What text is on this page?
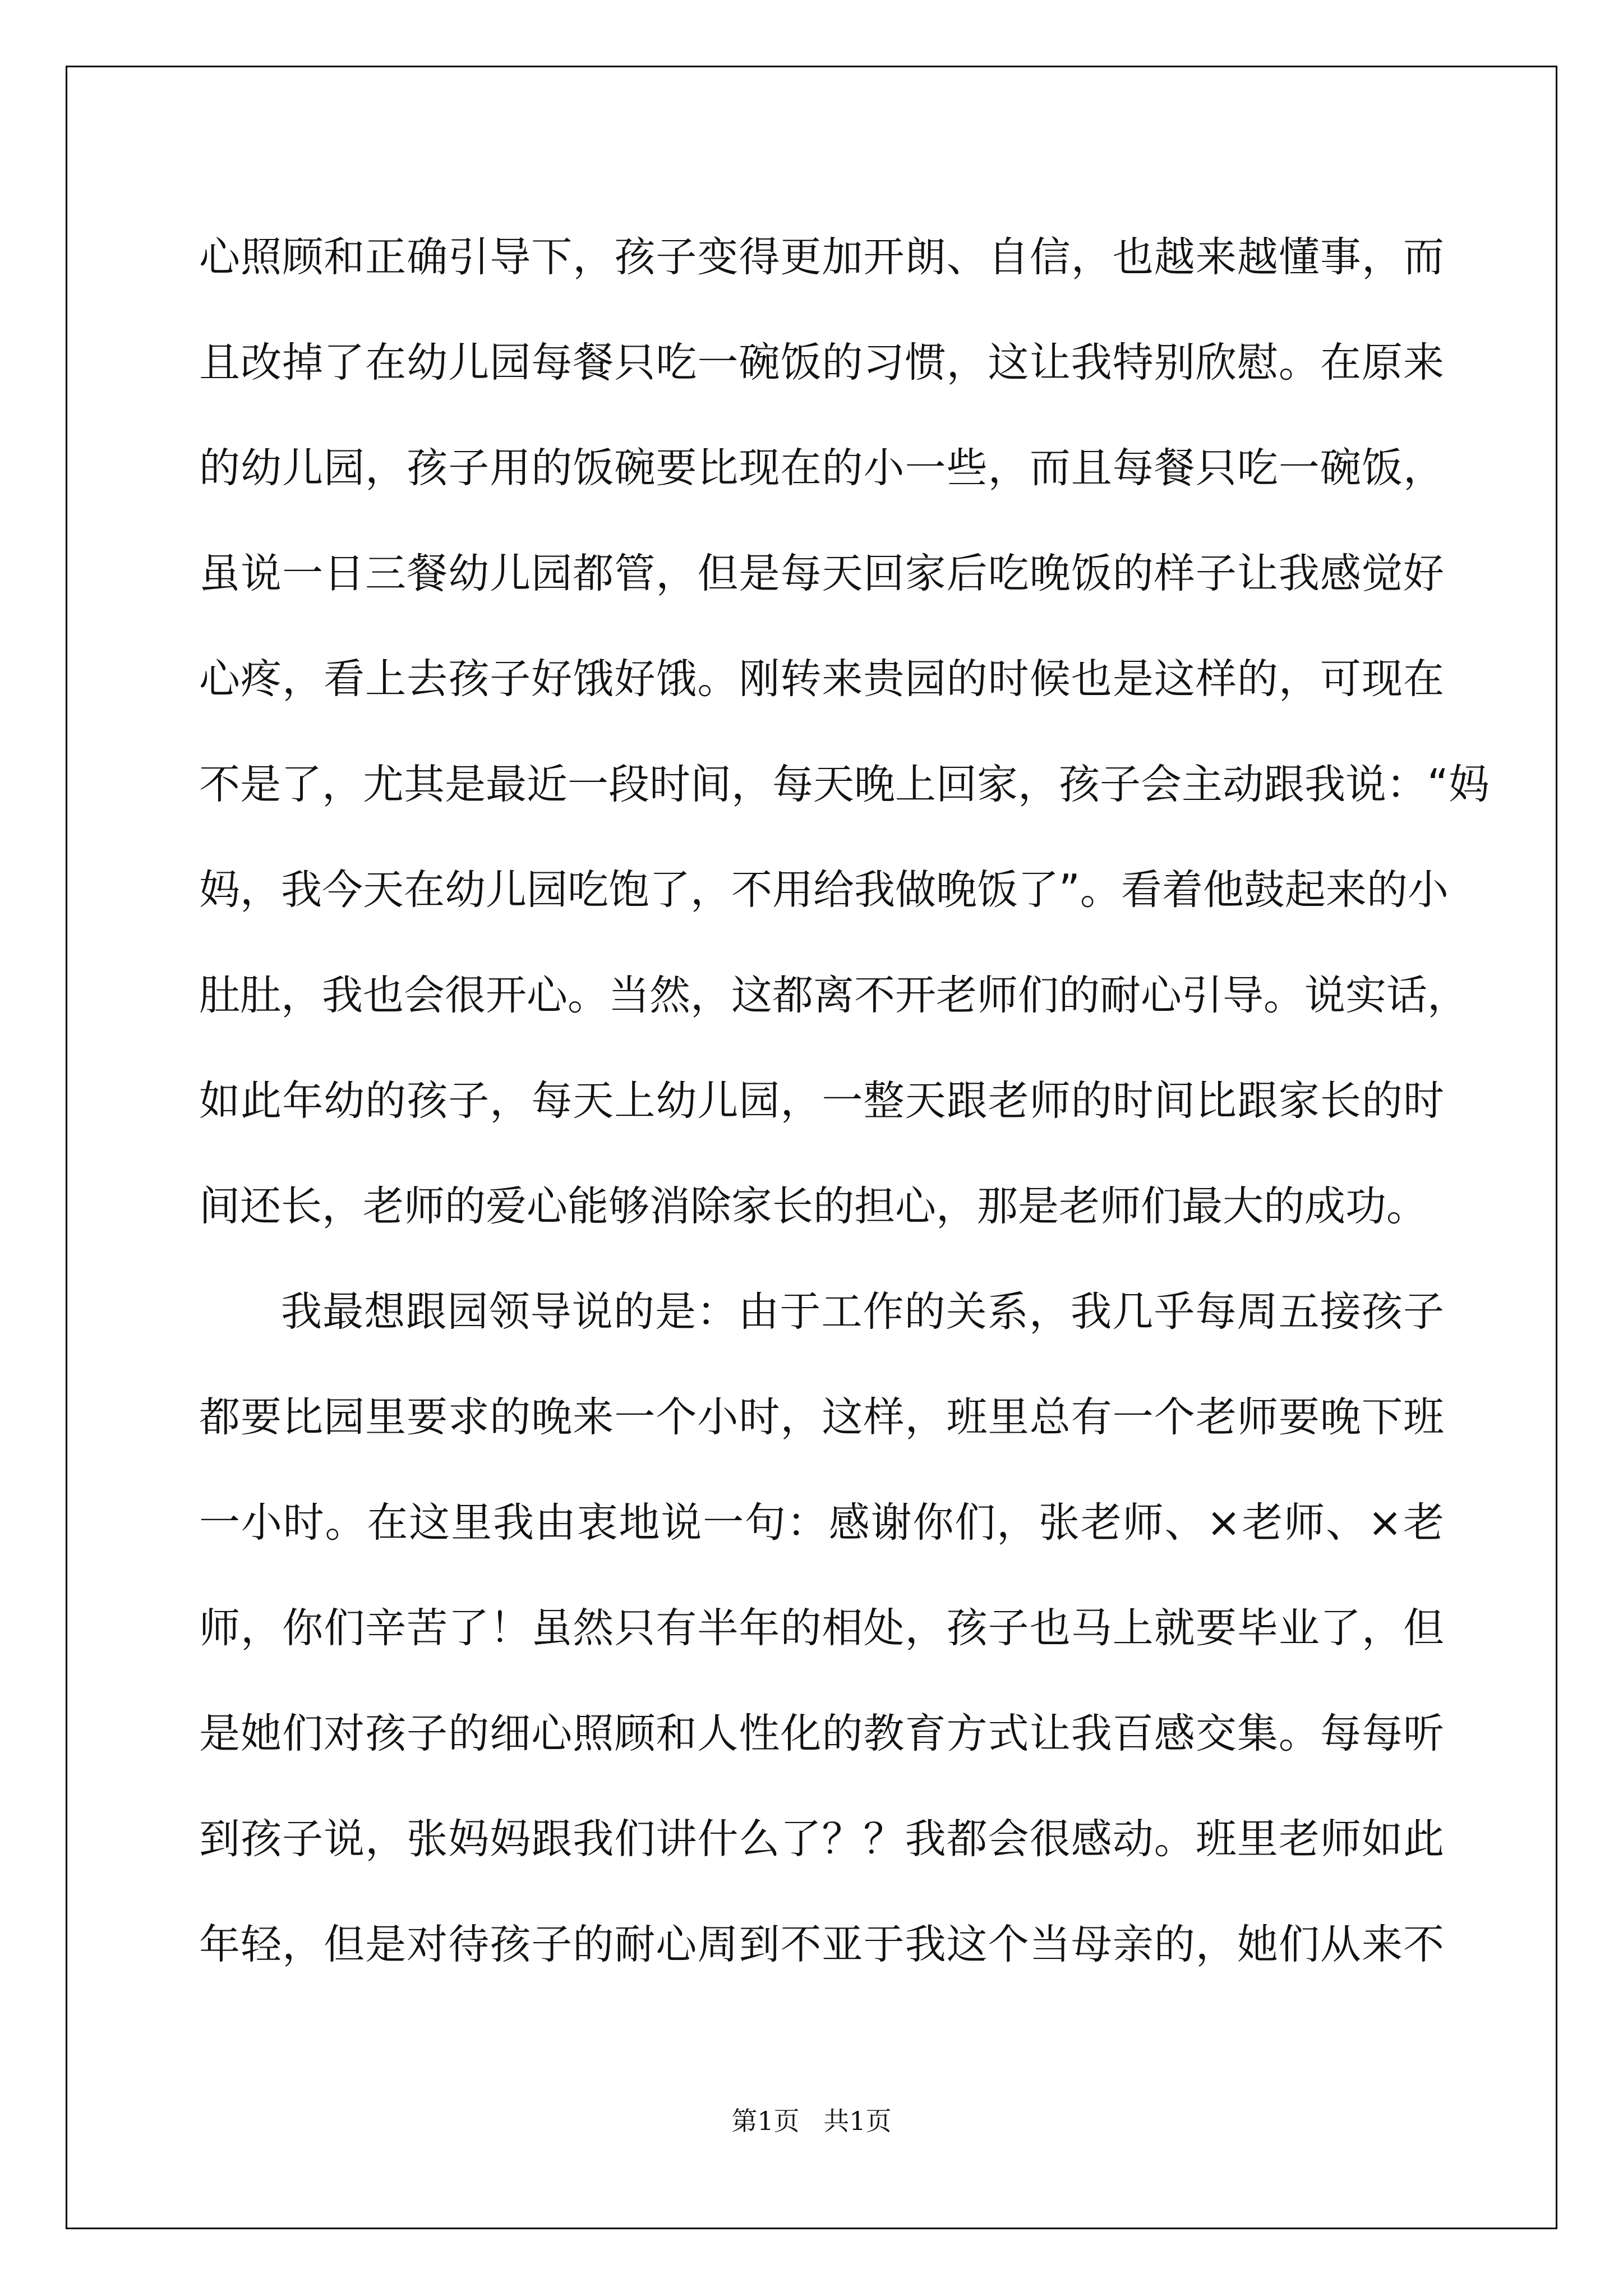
心照顾和正确引导下，孩子变得更加开朗、自信，也越来越懂事，而
且改掉了在幼儿园每餐只吃一碗饭的习惯，这让我特别欣慰。在原来
的幼儿园，孩子用的饭碗要比现在的小一些，而且每餐只吃一碗饭，
虽说一日三餐幼儿园都管，但是每天回家后吃晚饭的样子让我感觉好
心疼，看上去孩子好饿好饿。刚转来贵园的时候也是这样的，可现在
不是了，尤其是最近一段时间，每天晚上回家，孩子会主动跟我说：“妈
妈，我今天在幼儿园吃饱了，不用给我做晚饭了”。看着他鼓起来的小
肚肚，我也会很开心。当然，这都离不开老师们的耐心引导。说实话，
如此年幼的孩子，每天上幼儿园，一整天跟老师的时间比跟家长的时
间还长，老师的爱心能够消除家长的担心，那是老师们最大的成功。
我最想跟园领导说的是：由于工作的关系，我几乎每周五接孩子
都要比园里要求的晚来一个小时，这样，班里总有一个老师要晚下班
一小时。在这里我由衷地说一句：感谢你们，张老师、×老师、×老
师，你们辛苦了！虽然只有半年的相处，孩子也马上就要毕业了，但
是她们对孩子的细心照顾和人性化的教育方式让我百感交集。每每听
到孩子说，张妈妈跟我们讲什么了？？我都会很感动。班里老师如此
年轻，但是对待孩子的耐心周到不亚于我这个当母亲的，她们从来不
第1页 共1页
